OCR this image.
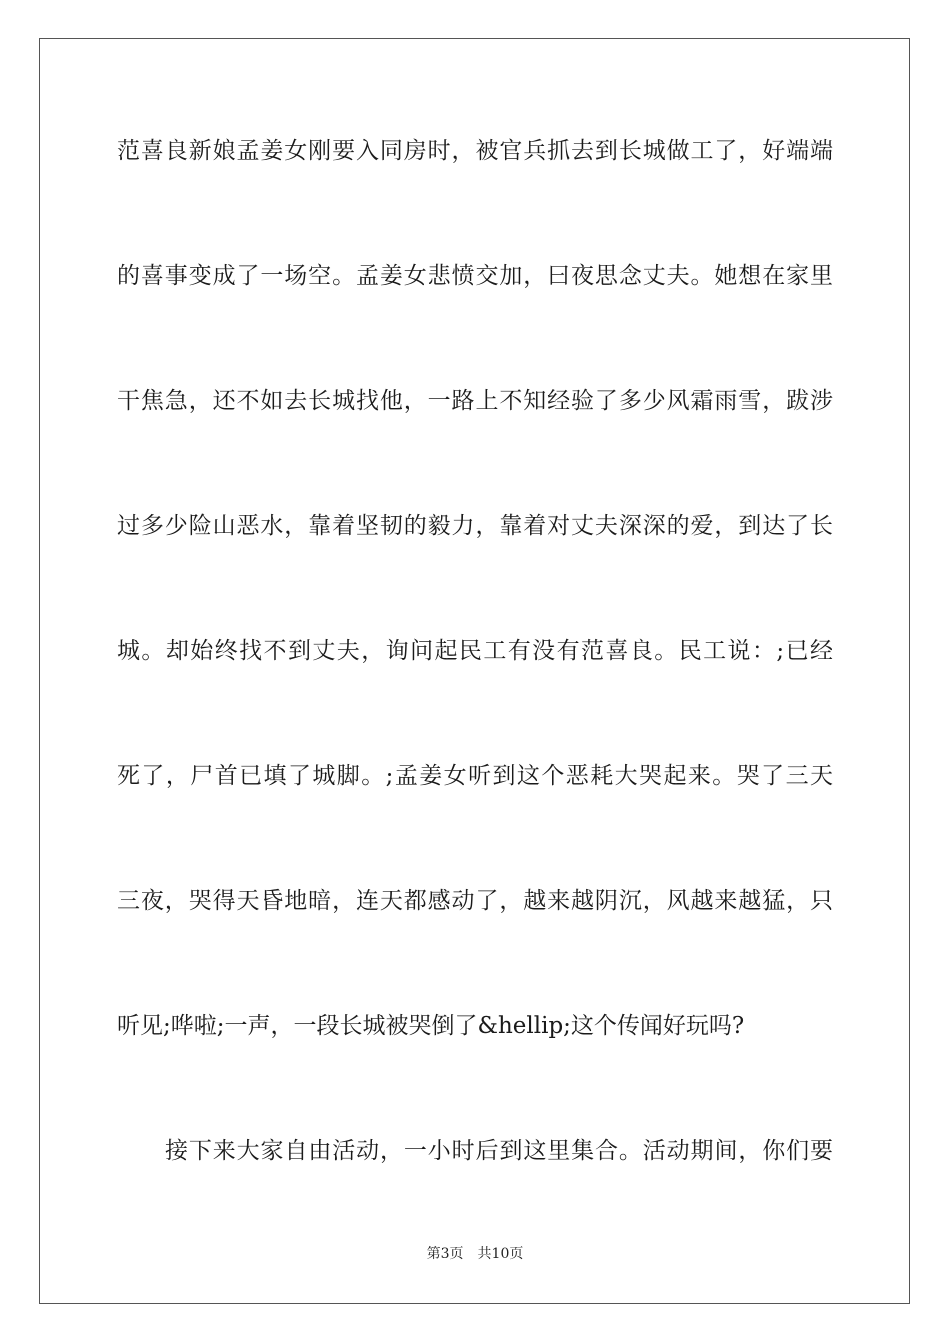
范喜良新娘孟姜女刚要入同房时，被官兵抓去到长城做工了，好端端
的喜事变成了一场空。孟姜女悲愤交加，曰夜思念丈夫。她想在家里
干焦急，还不如去长城找他，一路上不知经验了多少风霜雨雪，跋涉
过多少险山恶水，靠着坚韧的毅力，靠着对丈夫深深的爱，到达了长
城。却始终找不到丈夫，询问起民工有没有范喜良。民工说：;已经
死了，尸首已填了城脚。;孟姜女听到这个恶耗大哭起来。哭了三天
三夜，哭得天昏地暗，连天都感动了，越来越阴沉，风越来越猛，只
听见;哗啦;一声，一段长城被哭倒了&hellip;这个传闻好玩吗?
接下来大家自由活动，一小时后到这里集合。活动期间，你们要
第3页 共10页
